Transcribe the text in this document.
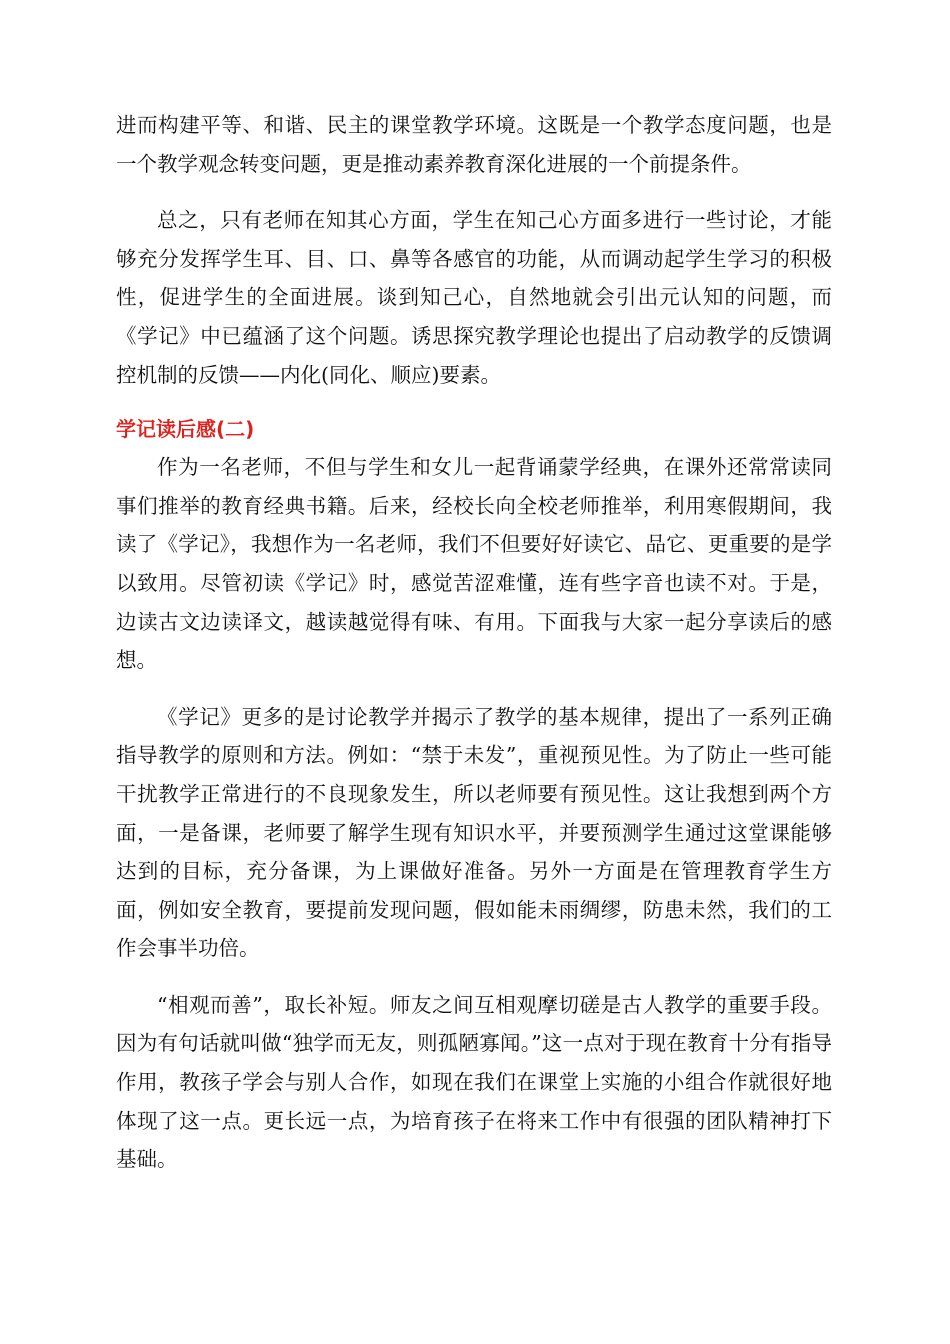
进而构建平等、和谐、民主的课堂教学环境。这既是一个教学态度问题，也是一个教学观念转变问题，更是推动素养教育深化进展的一个前提条件。

总之，只有老师在知其心方面，学生在知己心方面多进行一些讨论，才能够充分发挥学生耳、目、口、鼻等各感官的功能，从而调动起学生学习的积极性，促进学生的全面进展。谈到知己心，自然地就会引出元认知的问题，而《学记》中已蕴涵了这个问题。诱思探究教学理论也提出了启动教学的反馈调控机制的反馈——内化(同化、顺应)要素。

学记读后感(二)

作为一名老师，不但与学生和女儿一起背诵蒙学经典，在课外还常常读同事们推举的教育经典书籍。后来，经校长向全校老师推举，利用寒假期间，我读了《学记》，我想作为一名老师，我们不但要好好读它、品它、更重要的是学以致用。尽管初读《学记》时，感觉苦涩难懂，连有些字音也读不对。于是，边读古文边读译文，越读越觉得有味、有用。下面我与大家一起分享读后的感想。

《学记》更多的是讨论教学并揭示了教学的基本规律，提出了一系列正确指导教学的原则和方法。例如：“禁于未发”，重视预见性。为了防止一些可能干扰教学正常进行的不良现象发生，所以老师要有预见性。这让我想到两个方面，一是备课，老师要了解学生现有知识水平，并要预测学生通过这堂课能够达到的目标，充分备课，为上课做好准备。另外一方面是在管理教育学生方面，例如安全教育，要提前发现问题，假如能未雨绸缪，防患未然，我们的工作会事半功倍。

“相观而善”，取长补短。师友之间互相观摩切磋是古人教学的重要手段。因为有句话就叫做“独学而无友，则孤陋寡闻。”这一点对于现在教育十分有指导作用，教孩子学会与别人合作，如现在我们在课堂上实施的小组合作就很好地体现了这一点。更长远一点，为培育孩子在将来工作中有很强的团队精神打下基础。
